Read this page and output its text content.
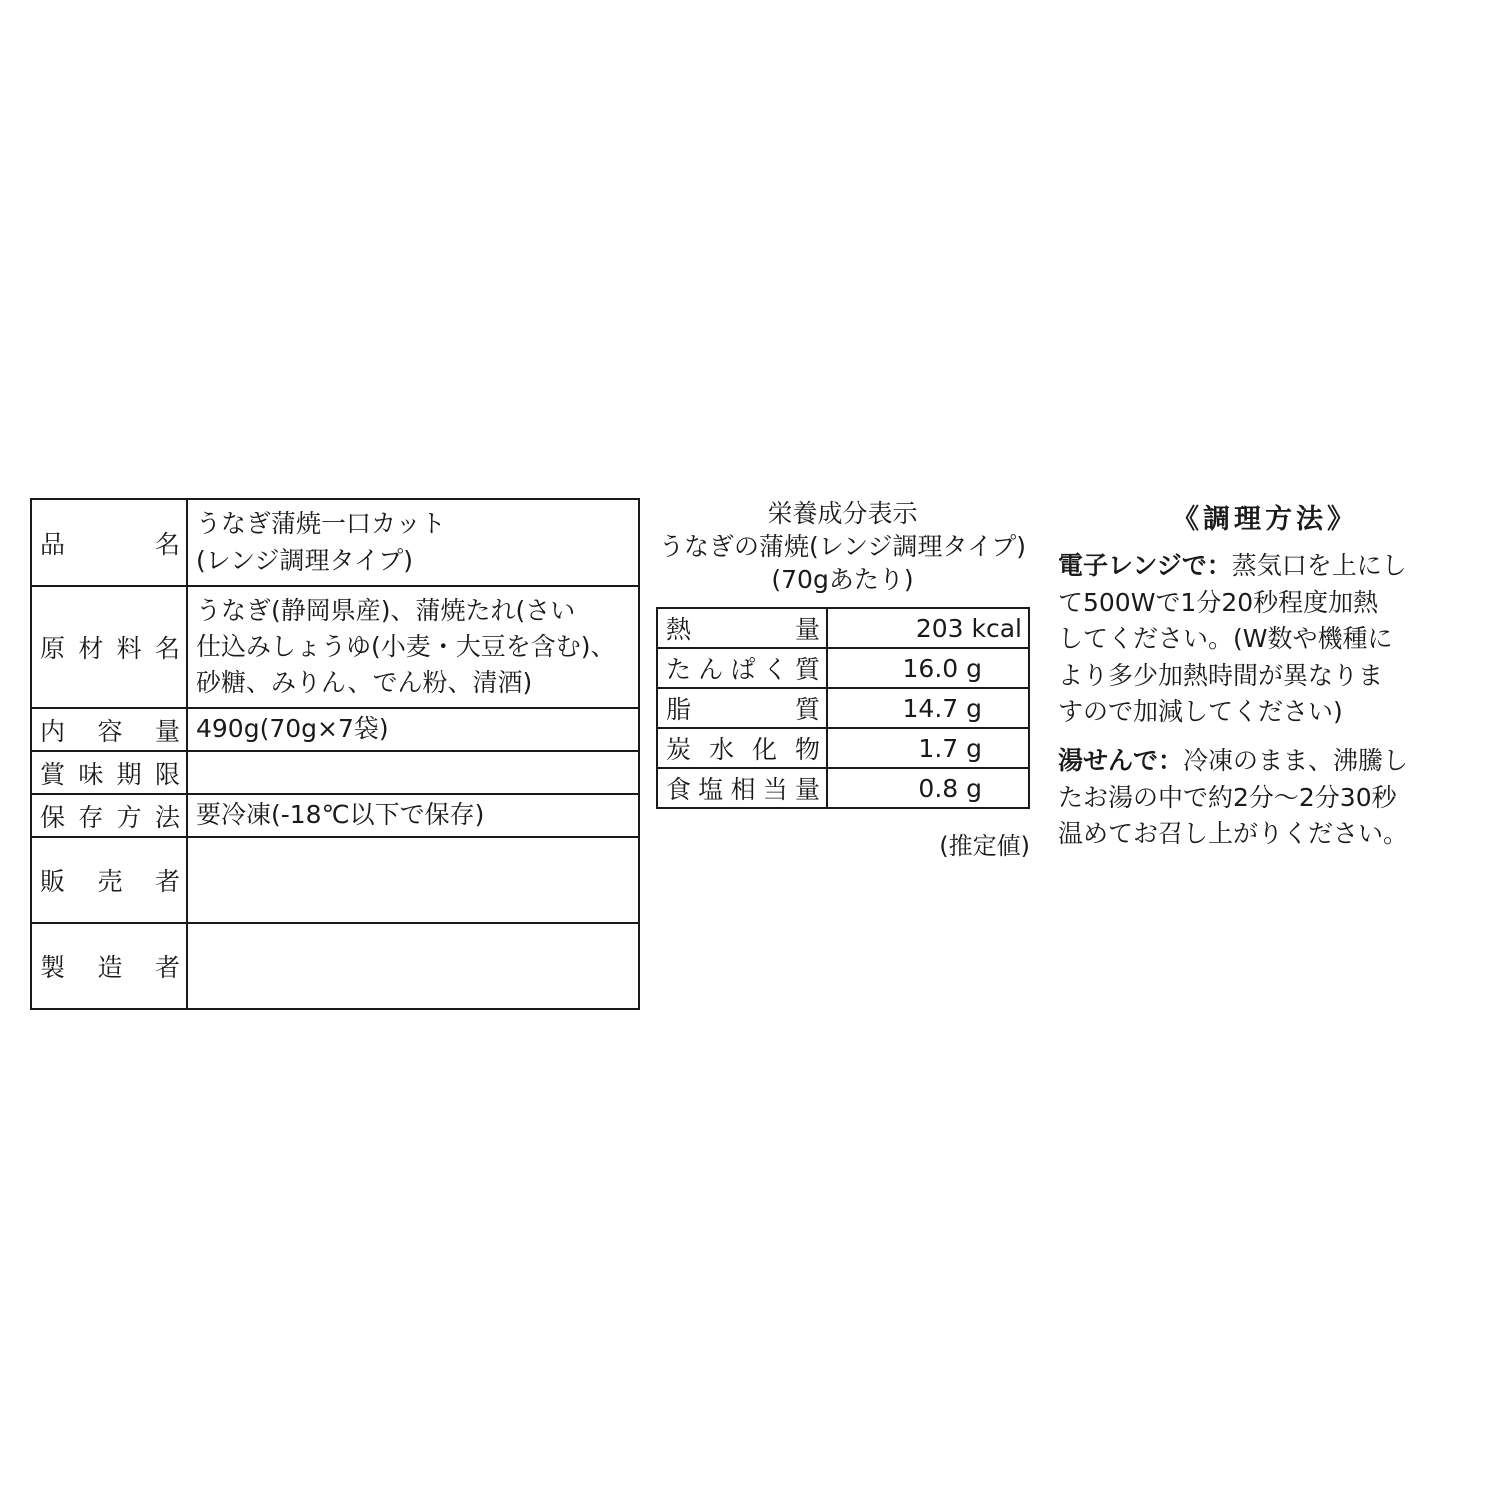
品　　名	うなぎ蒲焼一口カット
(レンジ調理タイプ)

原材料名	うなぎ(静岡県産)、蒲焼たれ(さい
仕込みしょうゆ(小麦・大豆を含む)、
砂糖、みりん、でん粉、清酒)

内容量	490g(70g×7袋)

賞味期限	

保存方法	要冷凍(-18℃以下で保存)

販売者	

製造者	
栄養成分表示
うなぎの蒲焼(レンジ調理タイプ)
(70gあたり)
熱量	203 kcal
たんぱく質	16.0 g
脂質	14.7 g
炭水化物	1.7 g
食塩相当量	0.8 g
(推定値)
《調理方法》
電子レンジで：蒸気口を上にし
て500Wで1分20秒程度加熱
してください。(W数や機種に
より多少加熱時間が異なりま
すので加減してください)
湯せんで：冷凍のまま、沸騰し
たお湯の中で約2分〜2分30秒
温めてお召し上がりください。
